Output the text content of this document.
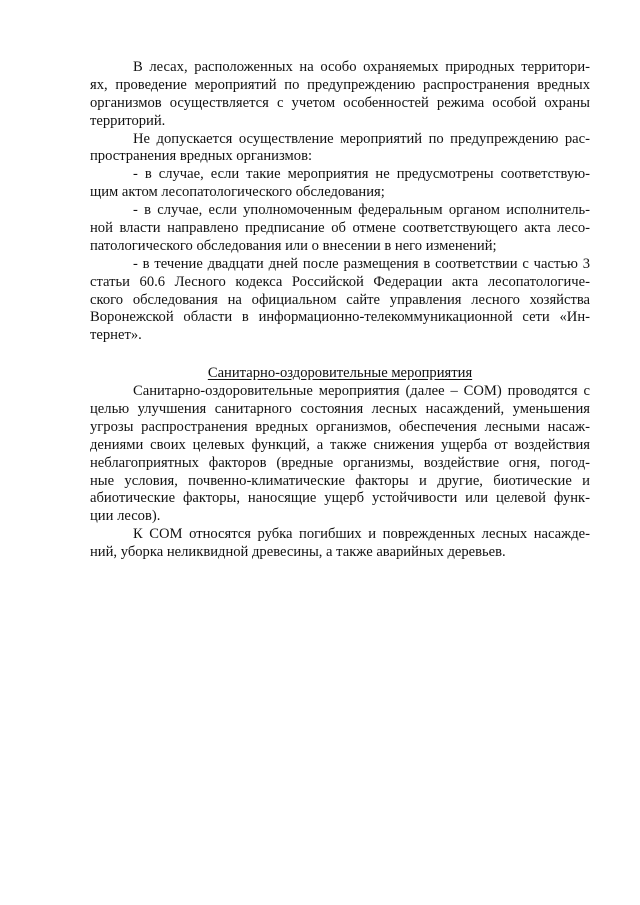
В лесах, расположенных на особо охраняемых природных территори-
ях, проведение мероприятий по предупреждению распространения вредных
организмов осуществляется с учетом особенностей режима особой охраны
территорий.
Не допускается осуществление мероприятий по предупреждению рас-
пространения вредных организмов:
- в случае, если такие мероприятия не предусмотрены соответствую-
щим актом лесопатологического обследования;
- в случае, если уполномоченным федеральным органом исполнитель-
ной власти направлено предписание об отмене соответствующего акта лесо-
патологического обследования или о внесении в него изменений;
- в течение двадцати дней после размещения в соответствии с частью 3
статьи 60.6 Лесного кодекса Российской Федерации акта лесопатологиче-
ского обследования на официальном сайте управления лесного хозяйства
Воронежской области в информационно-телекоммуникационной сети «Ин-
тернет».
Санитарно-оздоровительные мероприятия
Санитарно-оздоровительные мероприятия (далее – СОМ) проводятся с
целью улучшения санитарного состояния лесных насаждений, уменьшения
угрозы распространения вредных организмов, обеспечения лесными насаж-
дениями своих целевых функций, а также снижения ущерба от воздействия
неблагоприятных факторов (вредные организмы, воздействие огня, погод-
ные условия, почвенно-климатические факторы и другие, биотические и
абиотические факторы, наносящие ущерб устойчивости или целевой функ-
ции лесов).
К СОМ относятся рубка погибших и поврежденных лесных насажде-
ний, уборка неликвидной древесины, а также аварийных деревьев.
